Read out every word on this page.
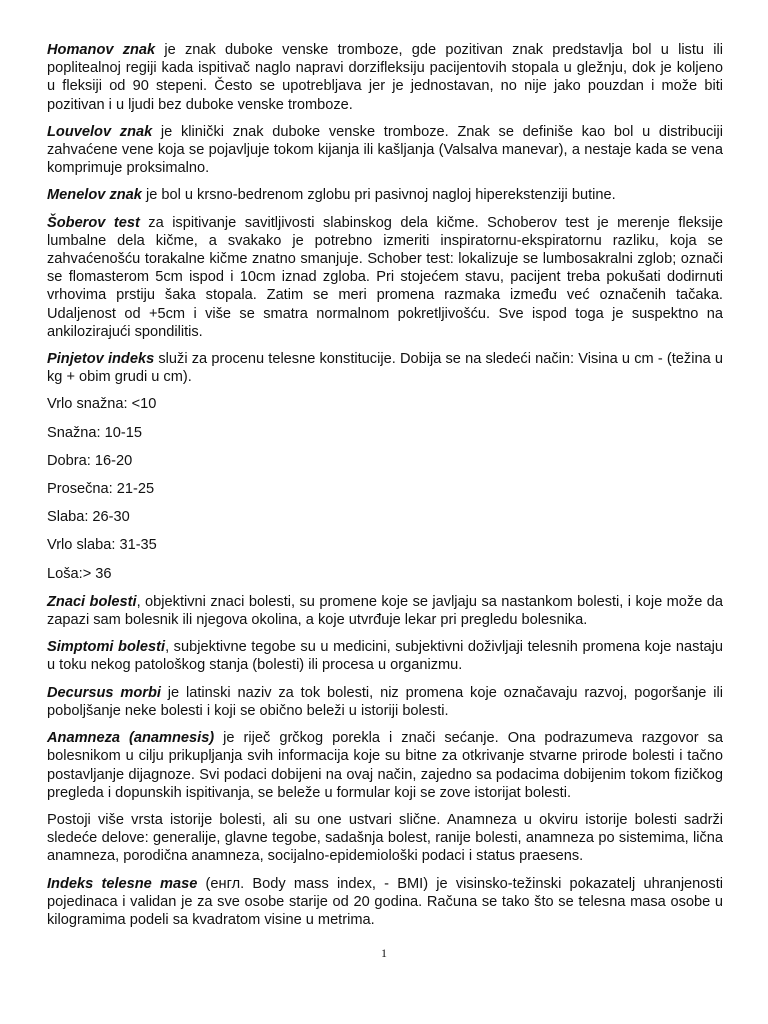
Homanov znak je znak duboke venske tromboze, gde pozitivan znak predstavlja bol u listu ili poplitealnoj regiji kada ispitivač naglo napravi dorzifleksiju pacijentovih stopala u gležnju, dok je koljeno u fleksiji od 90 stepeni. Često se upotrebljava jer je jednostavan, no nije jako pouzdan i može biti pozitivan i u ljudi bez duboke venske tromboze.

Louvelov znak je klinički znak duboke venske tromboze. Znak se definiše kao bol u distribuciji zahvaćene vene koja se pojavljuje tokom kijanja ili kašljanja (Valsalva manevar), a nestaje kada se vena komprimuje proksimalno.

Menelov znak je bol u krsno-bedrenom zglobu pri pasivnoj naglој hiperekstenziji butine.

Šoberov test za ispitivanje savitljivosti slabinskog dela kičme. Schoberov test je merenje fleksije lumbalne dela kičme, a svakako je potrebno izmeriti inspiratornu-ekspiratornu razliku, koja se zahvaćenošću torakalne kičme znatno smanjuje. Schober test: lokalizuje se lumbosakralni zglob; označi se flomasterom 5cm ispod i 10cm iznad zgloba. Pri stojećem stavu, pacijent treba pokušati dodirnuti vrhovima prstiju šaka stopala. Zatim se meri promena razmaka između već označenih tačaka. Udaljenost od +5cm i više se smatra normalnom pokretljivošću. Sve ispod toga je suspektno na ankilozirajući spondilitis.

Pinjetov indeks služi za procenu telesne konstitucije. Dobija se na sledeći način: Visina u cm - (težina u kg + obim grudi u cm).

Vrlo snažna: <10

Snažna: 10-15

Dobra: 16-20

Prosečna: 21-25

Slaba: 26-30

Vrlo slaba: 31-35

Loša:> 36

Znaci bolesti, objektivni znaci bolesti, su promene koje se javljaju sa nastankom bolesti, i koje može da zapazi sam bolesnik ili njegova okolina, a koje utvrđuje lekar pri pregledu bolesnika.

Simptomi bolesti, subjektivne tegobe su u medicini, subjektivni doživljaji telesnih promena koje nastaju u toku nekog patološkog stanja (bolesti) ili procesa u organizmu.

Decursus morbi je latinski naziv za tok bolesti, niz promena koje označavaju razvoj, pogoršanje ili poboljšanje neke bolesti i koji se obično beleži u istoriji bolesti.

Anamneza (anamnesis) je riječ grčkog porekla i znači sećanje. Ona podrazumeva razgovor sa bolesnikom u cilju prikupljanja svih informacija koje su bitne za otkrivanje stvarne prirode bolesti i tačno postavljanje dijagnoze. Svi podaci dobijeni na ovaj način, zajedno sa podacima dobijenim tokom fizičkog pregleda i dopunskih ispitivanja, se beleže u formular koji se zove istorijat bolesti.

Postoji više vrsta istorije bolesti, ali su one ustvari slične. Anamneza u okviru istorije bolesti sadrži sledeće delove: generalije, glavne tegobe, sadašnja bolest, ranije bolesti, anamneza po sistemima, lična anamneza, porodična anamneza, socijalno-epidemiološki podaci i status praesens.

Indeks telesne mase (енгл. Body mass index, - BMI) je visinsko-težinski pokazatelj uhranjenosti pojedinaca i validan je za sve osobe starije od 20 godina. Računa se tako što se telesna masa osobe u kilogramima podeli sa kvadratom visine u metrima.

1
